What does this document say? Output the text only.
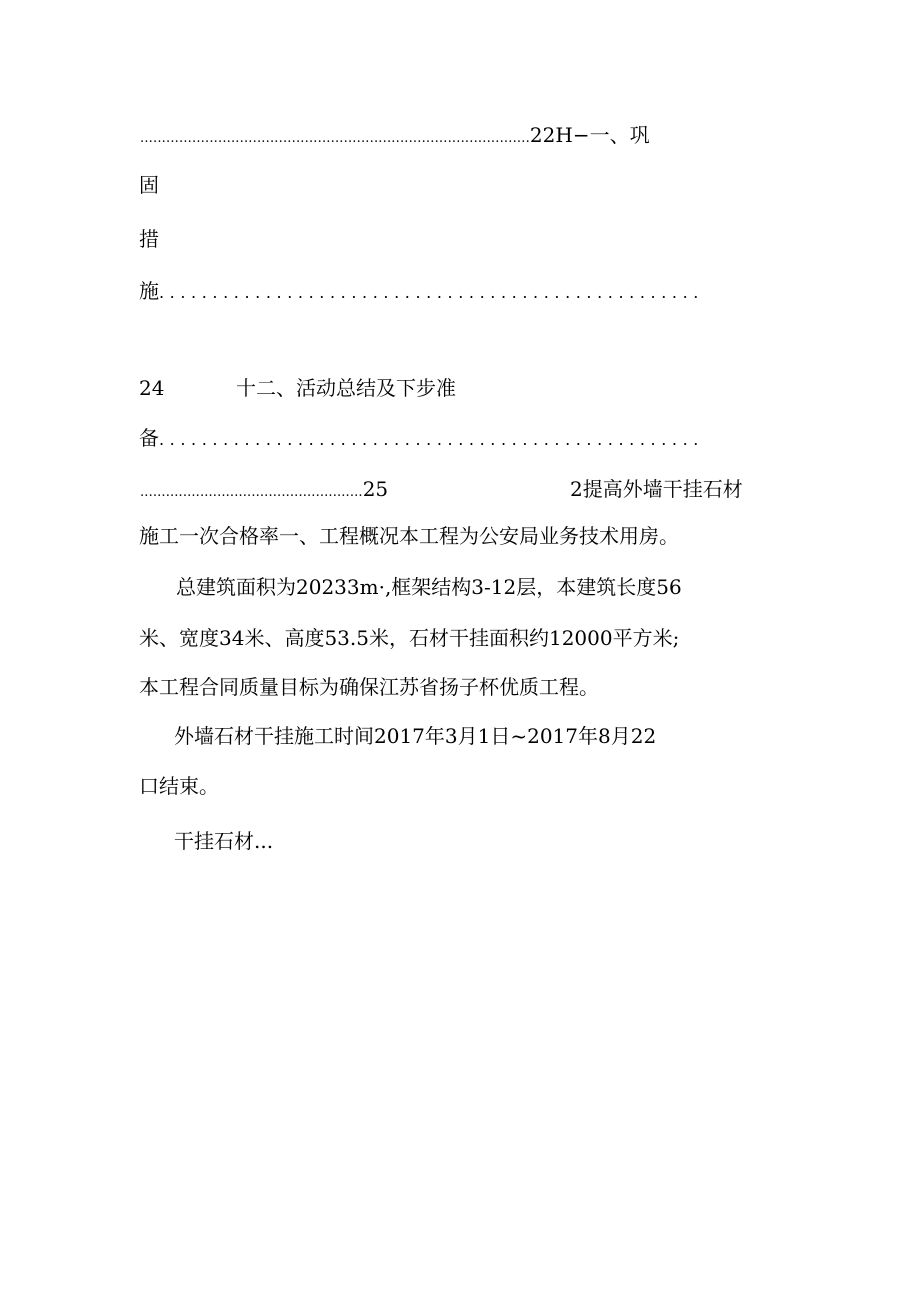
..........................................................................................22H−一、巩
固
措
施...................................................
24	十二、活动总结及下步准
备...................................................
....................................................25	2提高外墙干挂石材
施工一次合格率一、工程概况本工程为公安局业务技术用房。
总建筑面积为20233m·,框架结构3-12层，本建筑长度56
米、宽度34米、高度53.5米，石材干挂面积约12000平方米;
本工程合同质量目标为确保江苏省扬子杯优质工程。
外墙石材干挂施工时间2017年3月1日~2017年8月22
口结束。
干挂石材...
